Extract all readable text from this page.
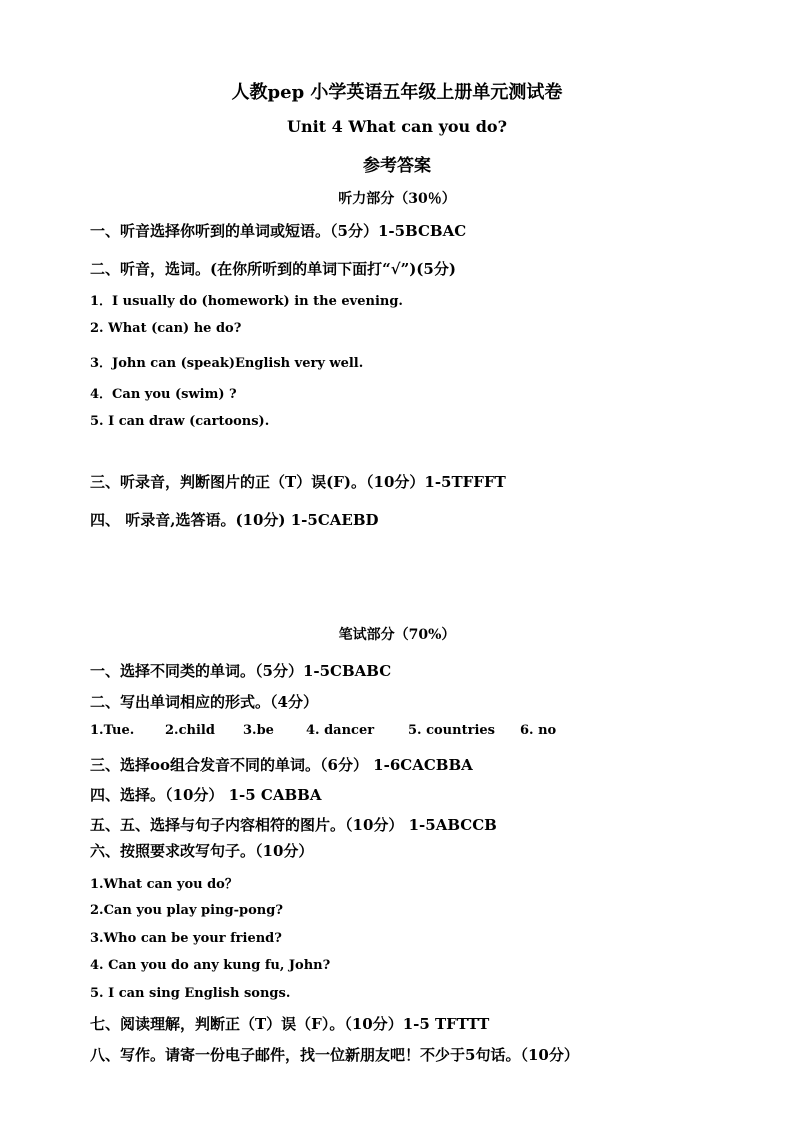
人教pep 小学英语五年级上册单元测试卷
Unit 4 What can you do?
参考答案
听力部分（30％）
一、听音选择你听到的单词或短语。（5分）1-5BCBAC
二、听音，选词。(在你所听到的单词下面打“√”)(5分)
1．I usually do (homework) in the evening.
2. What (can) he do?
3．John can (speak)English very well.
4．Can you (swim) ?
5. I can draw (cartoons).
三、听录音，判断图片的正（T）误(F)。（10分）1-5TFFFT
四、 听录音,选答语。(10分) 1-5CAEBD
笔试部分（70%）
一、选择不同类的单词。（5分）1-5CBABC
二、写出单词相应的形式。（4分）
1.Tue. 2.child 3.be 4. dancer	5. countries 6. no
三、选择oo组合发音不同的单词。（6分） 1-6CACBBA
四、选择。（10分） 1-5 CABBA
五、五、选择与句子内容相符的图片。（10分） 1-5ABCCB
六、按照要求改写句子。（10分）
1.What can you do？
2.Can you play ping-pong?
3.Who can be your friend?
4. Can you do any kung fu, John?
5. I can sing English songs.
七、阅读理解，判断正（T）误（F）。（10分）1-5 TFTTT
八、写作。请寄一份电子邮件，找一位新朋友吧！不少于5句话。（10分）
